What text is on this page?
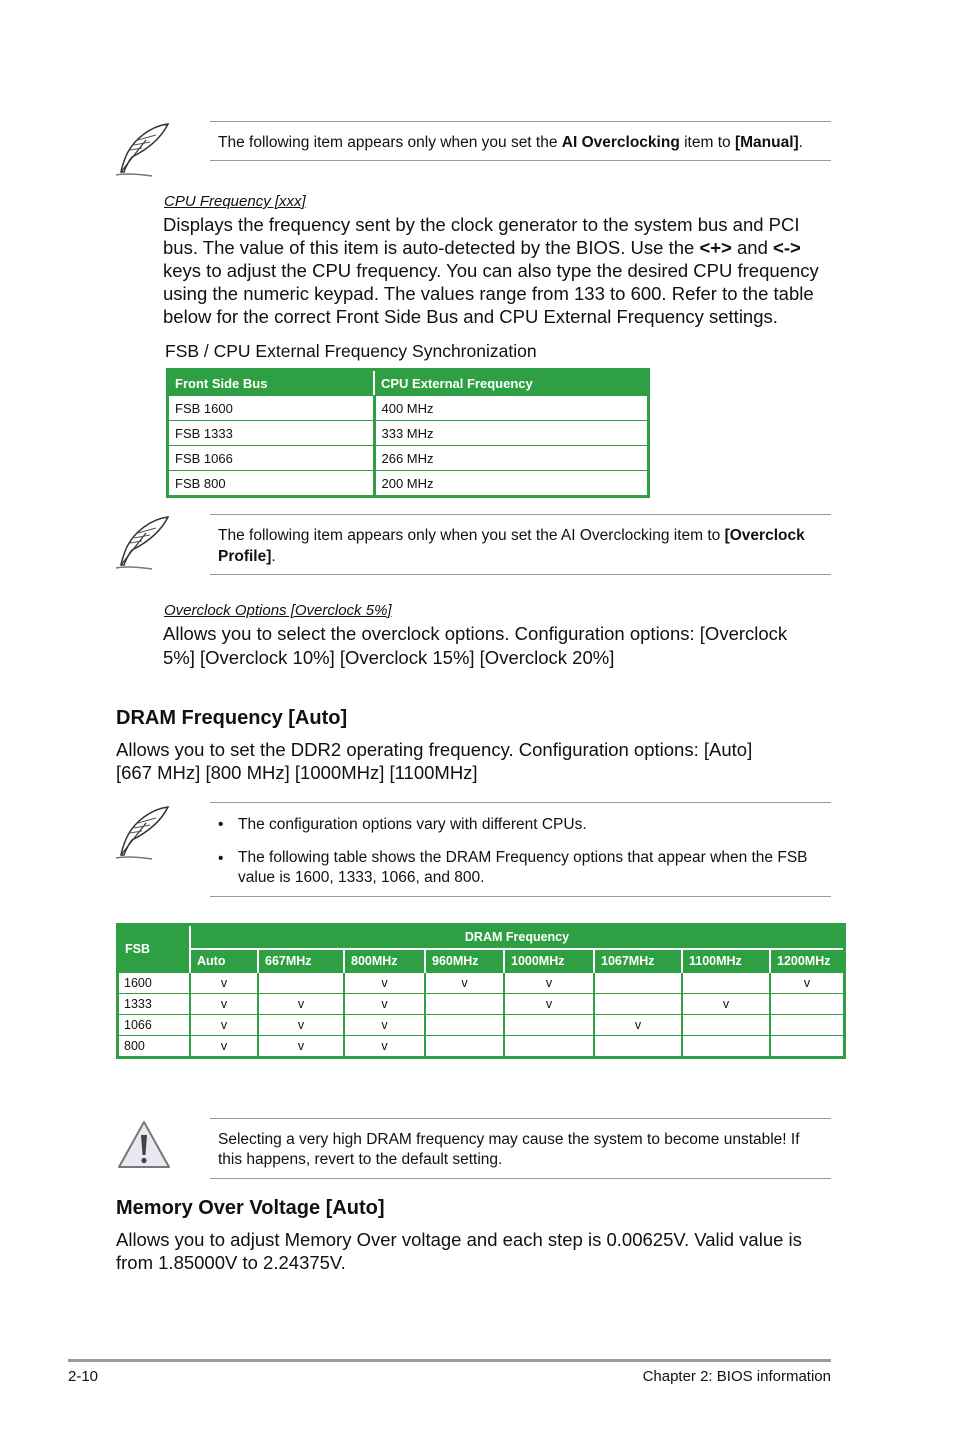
The following item appears only when you set the AI Overclocking item to [Manual].

CPU Frequency [xxx]
Displays the frequency sent by the clock generator to the system bus and PCI bus. The value of this item is auto-detected by the BIOS. Use the <+> and <-> keys to adjust the CPU frequency. You can also type the desired CPU frequency using the numeric keypad. The values range from 133 to 600. Refer to the table below for the correct Front Side Bus and CPU External Frequency settings.
FSB / CPU External Frequency Synchronization
Front Side Bus	CPU External Frequency
FSB 1600	400 MHz
FSB 1333	333 MHz
FSB 1066	266 MHz
FSB 800	200 MHz

The following item appears only when you set the AI Overclocking item to [Overclock Profile].

Overclock Options [Overclock 5%]
Allows you to select the overclock options. Configuration options: [Overclock 5%] [Overclock 10%] [Overclock 15%] [Overclock 20%]
DRAM Frequency [Auto]
Allows you to set the DDR2 operating frequency. Configuration options: [Auto] [667 MHz] [800 MHz] [1000MHz] [1100MHz]
• The configuration options vary with different CPUs.
• The following table shows the DRAM Frequency options that appear when the FSB value is 1600, 1333, 1066, and 800.
FSB	DRAM Frequency							
	Auto	667MHz	800MHz	960MHz	1000MHz	1067MHz	1100MHz	1200MHz
1600	v		v	v	v			v
1333	v	v	v		v		v	
1066	v	v	v			v		
800	v	v	v					

Selecting a very high DRAM frequency may cause the system to become unstable! If this happens, revert to the default setting.

Memory Over Voltage [Auto]
Allows you to adjust Memory Over voltage and each step is 0.00625V. Valid value is from 1.85000V to 2.24375V.
2-10	Chapter 2: BIOS information
